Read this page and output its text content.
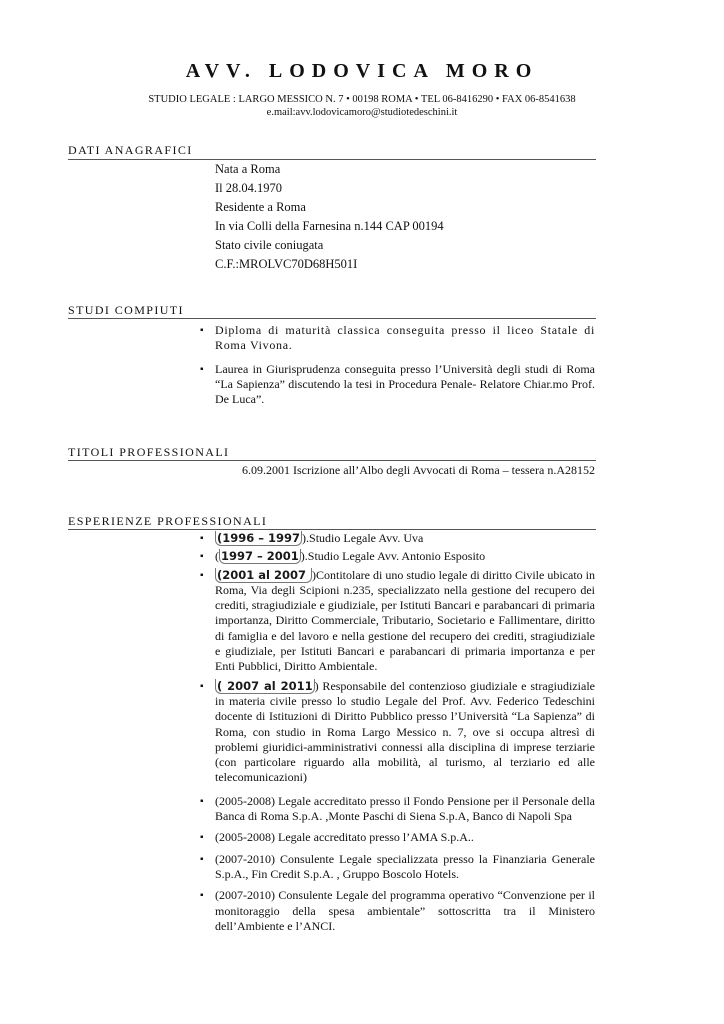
AVV. LODOVICA MORO
STUDIO LEGALE : LARGO MESSICO N. 7 • 00198 ROMA • TEL 06-8416290 • FAX 06-8541638
e.mail:avv.lodovicamoro@studiotedeschini.it
DATI ANAGRAFICI
Nata a Roma
Il 28.04.1970
Residente a Roma
In via Colli della Farnesina n.144 CAP 00194
Stato civile coniugata
C.F.:MROLVC70D68H501I
STUDI COMPIUTI
▪ Diploma di maturità classica conseguita presso il liceo Statale di Roma Vivona.
▪ Laurea in Giurisprudenza conseguita presso l’Università degli studi di Roma “La Sapienza” discutendo la tesi in Procedura Penale- Relatore Chiar.mo Prof. De Luca”.
TITOLI PROFESSIONALI
6.09.2001 Iscrizione all’Albo degli Avvocati di Roma – tessera n.A28152
ESPERIENZE PROFESSIONALI
▪ (1996 – 1997 ).Studio Legale Avv. Uva
▪ ( 1997 – 2001 ).Studio Legale Avv. Antonio Esposito
▪ (2001 al 2007 )Contitolare di uno studio legale di diritto Civile ubicato in Roma, Via degli Scipioni n.235, specializzato nella gestione del recupero dei crediti, stragiudiziale e giudiziale, per Istituti Bancari e parabancari di primaria importanza, Diritto Commerciale, Tributario, Societario e Fallimentare, diritto di famiglia e del lavoro e nella gestione del recupero dei crediti, stragiudiziale e giudiziale, per Istituti Bancari e parabancari di primaria importanza e per Enti Pubblici, Diritto Ambientale.
▪ ( 2007 al 2011 ) Responsabile del contenzioso giudiziale e stragiudiziale in materia civile presso lo studio Legale del Prof. Avv. Federico Tedeschini docente di Istituzioni di Diritto Pubblico presso l’Università “La Sapienza” di Roma, con studio in Roma Largo Messico n. 7, ove si occupa altresì di problemi giuridici-amministrativi connessi alla disciplina di imprese terziarie (con particolare riguardo alla mobilità, al turismo, al terziario ed alle telecomunicazioni)
▪ (2005-2008) Legale accreditato presso il Fondo Pensione per il Personale della Banca di Roma S.p.A. ,Monte Paschi di Siena S.p.A, Banco di Napoli Spa
▪ (2005-2008) Legale accreditato presso l’AMA S.p.A..
▪ (2007-2010) Consulente Legale specializzata presso la Finanziaria Generale S.p.A., Fin Credit S.p.A. , Gruppo Boscolo Hotels.
▪ (2007-2010) Consulente Legale del programma operativo “Convenzione per il monitoraggio della spesa ambientale” sottoscritta tra il Ministero dell’Ambiente e l’ANCI.
